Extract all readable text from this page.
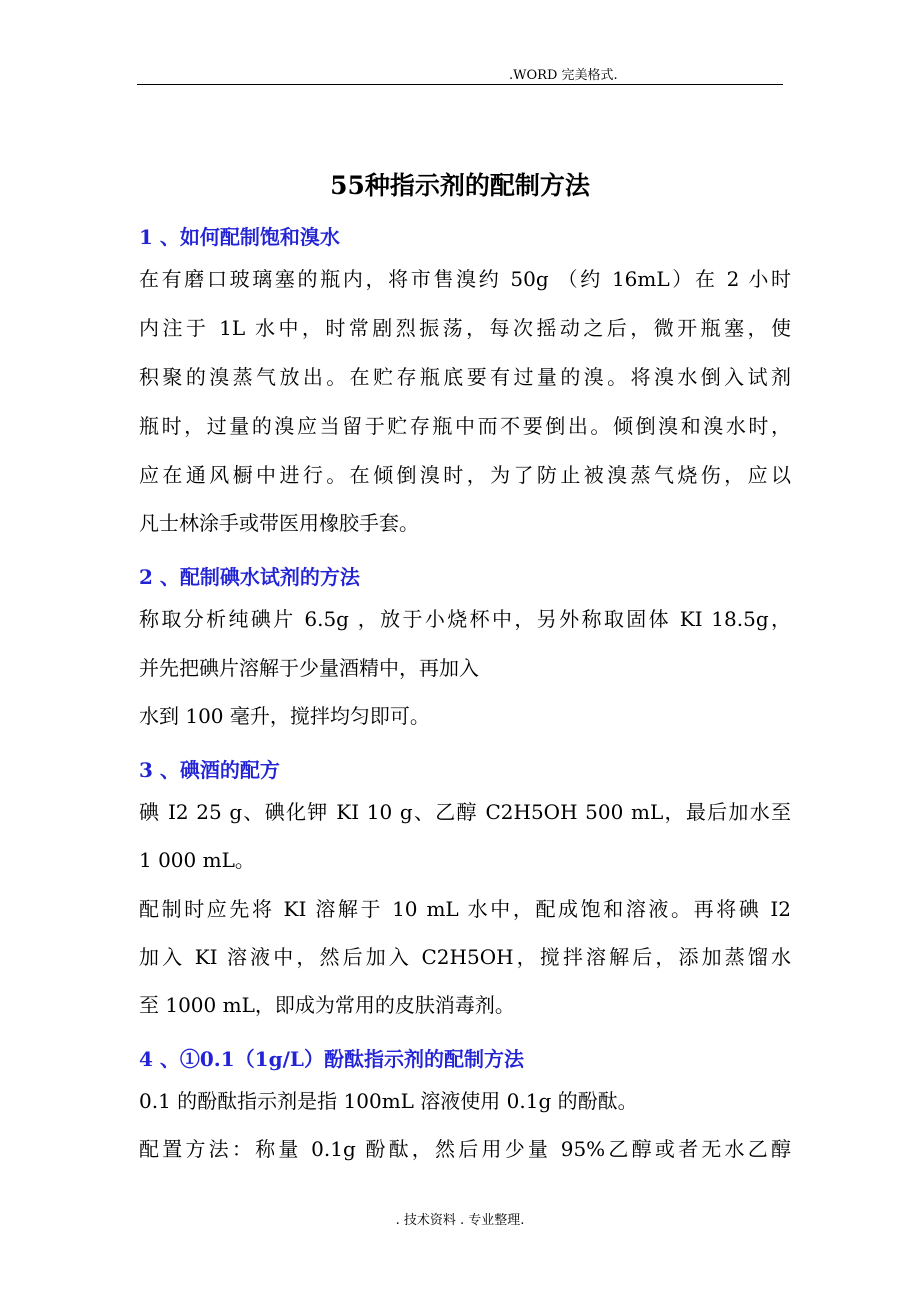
.WORD 完美格式.
55种指示剂的配制方法
1 、如何配制饱和溴水
在有磨口玻璃塞的瓶内，将市售溴约 50g （约 16mL）在 2 小时
内注于 1L 水中，时常剧烈振荡，每次摇动之后，微开瓶塞，使
积聚的溴蒸气放出。在贮存瓶底要有过量的溴。将溴水倒入试剂
瓶时，过量的溴应当留于贮存瓶中而不要倒出。倾倒溴和溴水时，
应在通风橱中进行。在倾倒溴时，为了防止被溴蒸气烧伤，应以
凡士林涂手或带医用橡胶手套。
2 、配制碘水试剂的方法
称取分析纯碘片 6.5g ，放于小烧杯中，另外称取固体 KI 18.5g，
并先把碘片溶解于少量酒精中，再加入
水到 100 毫升，搅拌均匀即可。
3 、碘酒的配方
碘 I2 25 g、碘化钾 KI 10 g、乙醇 C2H5OH 500 mL，最后加水至
1 000 mL。
配制时应先将 KI 溶解于 10 mL 水中，配成饱和溶液。再将碘 I2
加入 KI 溶液中，然后加入 C2H5OH，搅拌溶解后，添加蒸馏水
至 1000 mL，即成为常用的皮肤消毒剂。
4 、①0.1（1g/L）酚酞指示剂的配制方法
0.1 的酚酞指示剂是指 100mL 溶液使用 0.1g 的酚酞。
配置方法：称量 0.1g 酚酞，然后用少量 95%乙醇或者无水乙醇
. 技术资料 . 专业整理.
